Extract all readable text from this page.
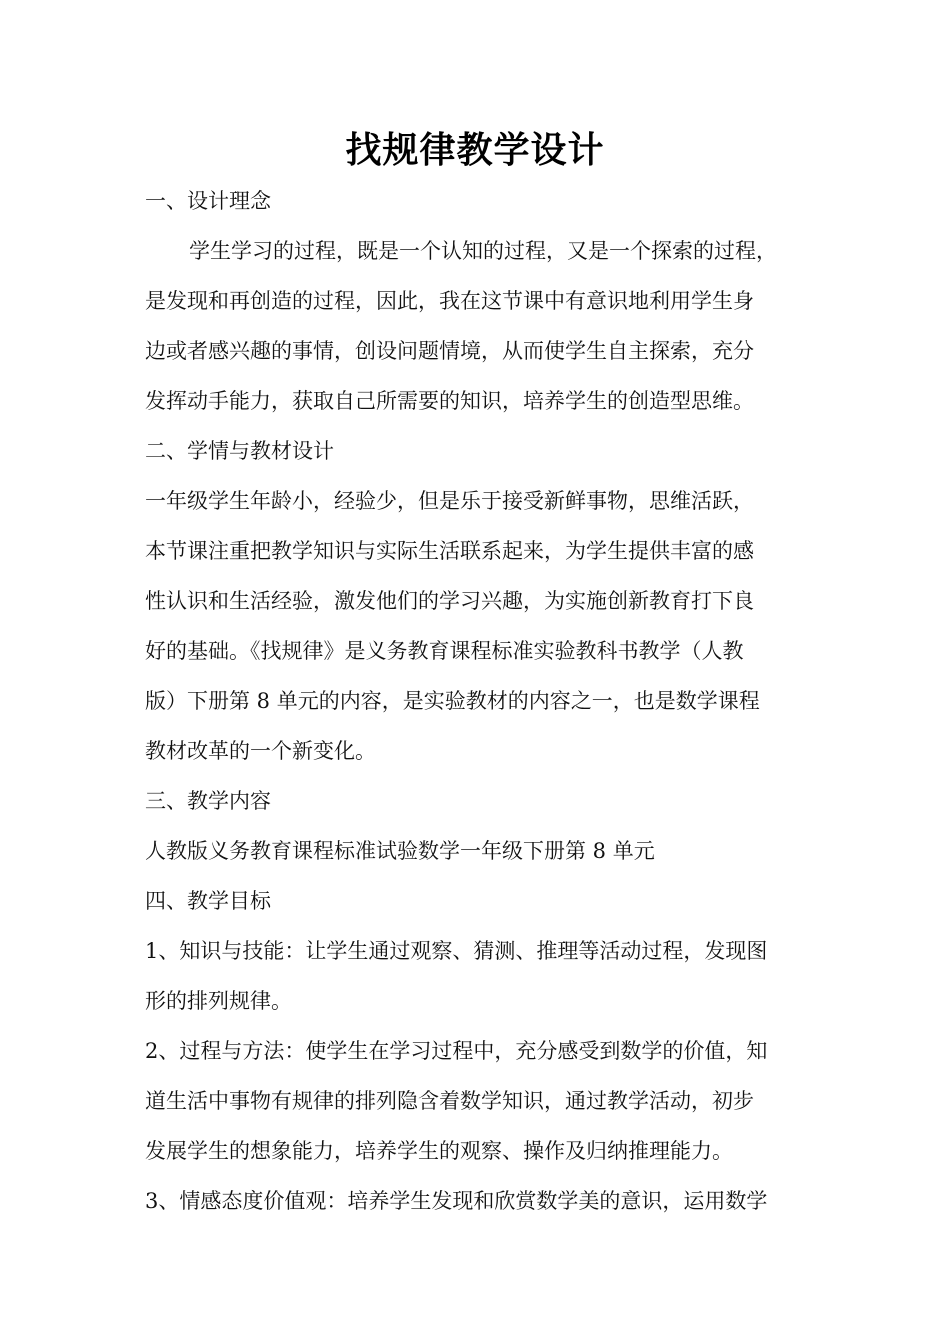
找规律教学设计
一、设计理念
学生学习的过程，既是一个认知的过程，又是一个探索的过程，
是发现和再创造的过程，因此，我在这节课中有意识地利用学生身
边或者感兴趣的事情，创设问题情境，从而使学生自主探索，充分
发挥动手能力，获取自己所需要的知识，培养学生的创造型思维。
二、学情与教材设计
一年级学生年龄小，经验少，但是乐于接受新鲜事物，思维活跃，
本节课注重把教学知识与实际生活联系起来，为学生提供丰富的感
性认识和生活经验，激发他们的学习兴趣，为实施创新教育打下良
好的基础。《找规律》是义务教育课程标准实验教科书教学（人教
版）下册第 8 单元的内容，是实验教材的内容之一，也是数学课程
教材改革的一个新变化。
三、教学内容
人教版义务教育课程标准试验数学一年级下册第 8 单元
四、教学目标
1、知识与技能：让学生通过观察、猜测、推理等活动过程，发现图
形的排列规律。
2、过程与方法：使学生在学习过程中，充分感受到数学的价值，知
道生活中事物有规律的排列隐含着数学知识，通过教学活动，初步
发展学生的想象能力，培养学生的观察、操作及归纳推理能力。
3、情感态度价值观：培养学生发现和欣赏数学美的意识，运用数学
